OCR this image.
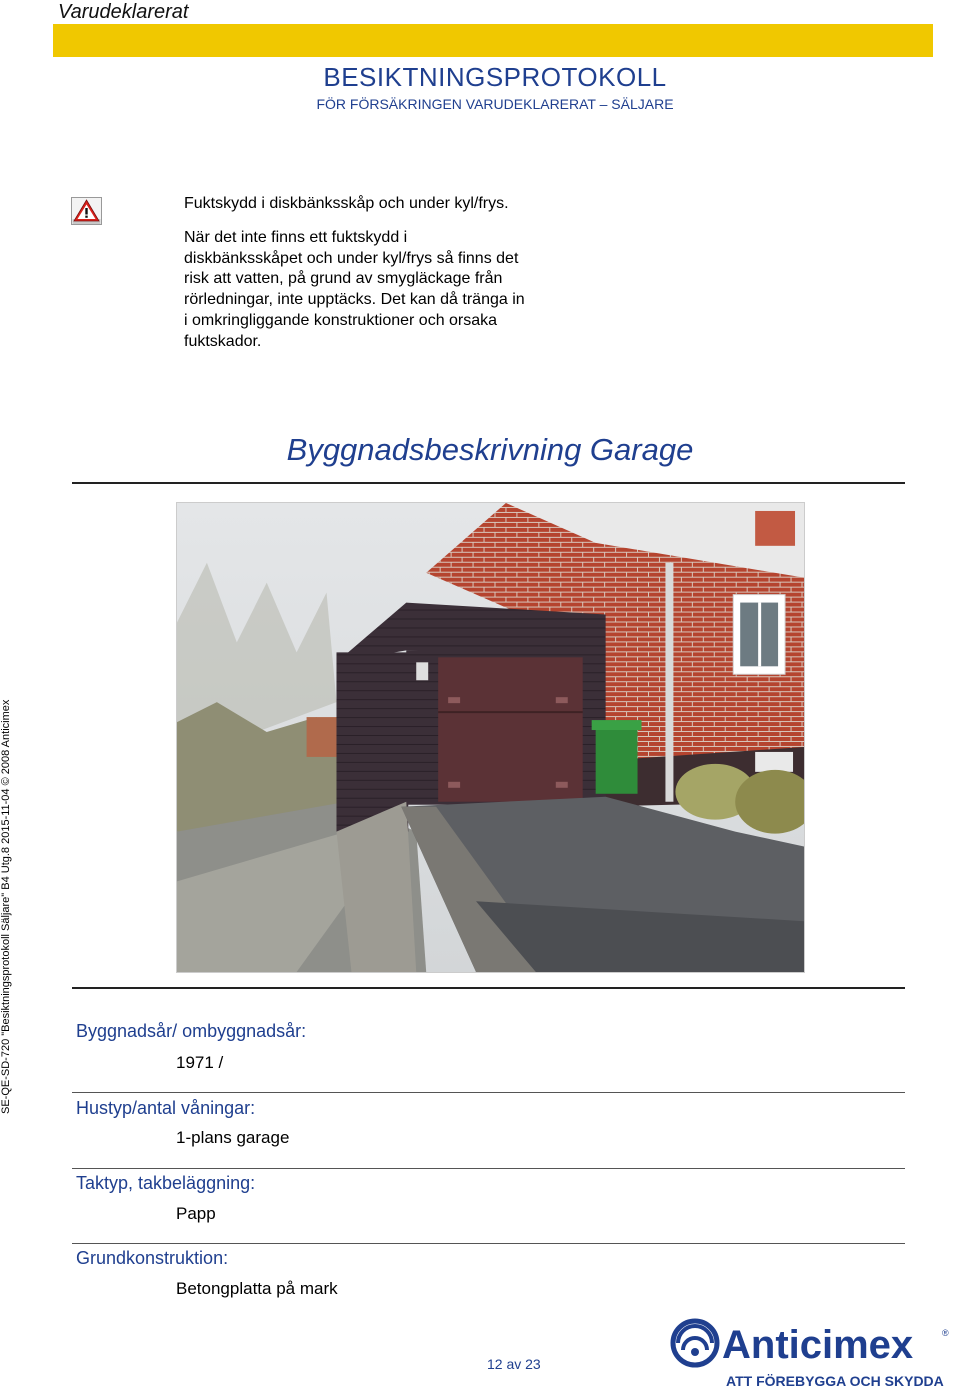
Varudeklarerat
BESIKTNINGSPROTOKOLL
FÖR FÖRSÄKRINGEN VARUDEKLARERAT – SÄLJARE
Fuktskydd i diskbänksskåp och under kyl/frys.
När det inte finns ett fuktskydd i diskbänksskåpet och under kyl/frys så finns det risk att vatten, på grund av smygläckage från rörledningar, inte upptäcks. Det kan då tränga in i omkringliggande konstruktioner och orsaka fuktskador.
Byggnadsbeskrivning Garage
Byggnadsår/ ombyggnadsår:
1971 /
Hustyp/antal våningar:
1-plans garage
Taktyp, takbeläggning:
Papp
Grundkonstruktion:
Betongplatta på mark
SE-QE-SD-720 "Besiktningsprotokoll Säljare" B4 Utg.8 2015-11-04 © 2008 Anticimex
12 av 23	Anticimex	®
ATT FÖREBYGGA OCH SKYDDA
